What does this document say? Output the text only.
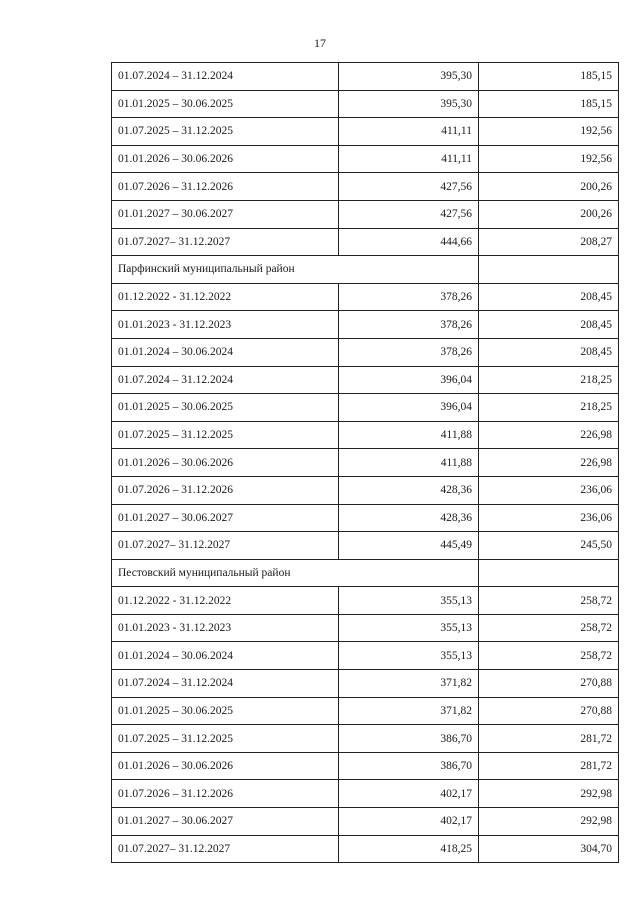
17
01.07.2024 – 31.12.2024	395,30	185,15
01.01.2025 – 30.06.2025	395,30	185,15
01.07.2025 – 31.12.2025	411,11	192,56
01.01.2026 – 30.06.2026	411,11	192,56
01.07.2026 – 31.12.2026	427,56	200,26
01.01.2027 – 30.06.2027	427,56	200,26
01.07.2027– 31.12.2027	444,66	208,27
Парфинский муниципальный район		
01.12.2022 - 31.12.2022	378,26	208,45
01.01.2023 - 31.12.2023	378,26	208,45
01.01.2024 – 30.06.2024	378,26	208,45
01.07.2024 – 31.12.2024	396,04	218,25
01.01.2025 – 30.06.2025	396,04	218,25
01.07.2025 – 31.12.2025	411,88	226,98
01.01.2026 – 30.06.2026	411,88	226,98
01.07.2026 – 31.12.2026	428,36	236,06
01.01.2027 – 30.06.2027	428,36	236,06
01.07.2027– 31.12.2027	445,49	245,50
Пестовский муниципальный район		
01.12.2022 - 31.12.2022	355,13	258,72
01.01.2023 - 31.12.2023	355,13	258,72
01.01.2024 – 30.06.2024	355,13	258,72
01.07.2024 – 31.12.2024	371,82	270,88
01.01.2025 – 30.06.2025	371,82	270,88
01.07.2025 – 31.12.2025	386,70	281,72
01.01.2026 – 30.06.2026	386,70	281,72
01.07.2026 – 31.12.2026	402,17	292,98
01.01.2027 – 30.06.2027	402,17	292,98
01.07.2027– 31.12.2027	418,25	304,70
